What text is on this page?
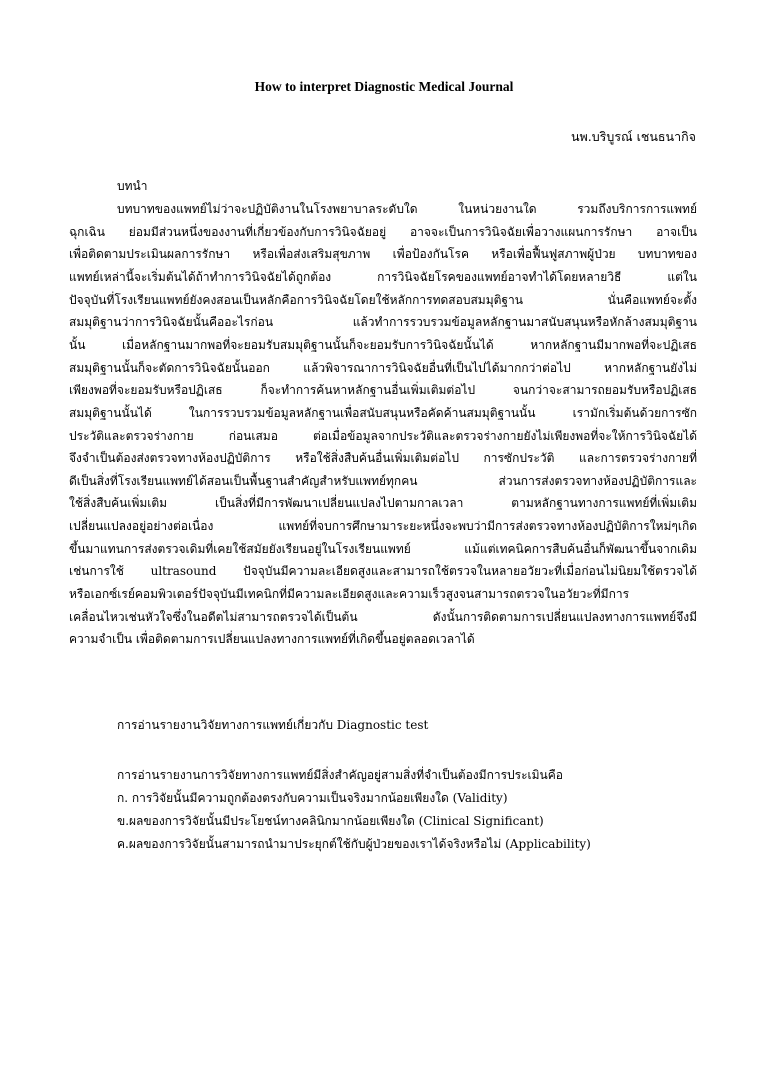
How to interpret Diagnostic Medical Journal
นพ.บริบูรณ์ เชนธนากิจ
บทนำ
บทบาทของแพทย์ไม่ว่าจะปฏิบัติงานในโรงพยาบาลระดับใด ในหน่วยงานใด รวมถึงบริการการแพทย์
ฉุกเฉิน ย่อมมีส่วนหนึ่งของงานที่เกี่ยวข้องกับการวินิจฉัยอยู่ อาจจะเป็นการวินิจฉัยเพื่อวางแผนการรักษา อาจเป็น
เพื่อติดตามประเมินผลการรักษา หรือเพื่อส่งเสริมสุขภาพ เพื่อป้องกันโรค หรือเพื่อฟื้นฟูสภาพผู้ป่วย บทบาทของ
แพทย์เหล่านี้จะเริ่มต้นได้ถ้าทำการวินิจฉัยได้ถูกต้อง การวินิจฉัยโรคของแพทย์อาจทำได้โดยหลายวิธี แต่ใน
ปัจจุบันที่โรงเรียนแพทย์ยังคงสอนเป็นหลักคือการวินิจฉัยโดยใช้หลักการทดสอบสมมุติฐาน นั่นคือแพทย์จะตั้ง
สมมุติฐานว่าการวินิจฉัยนั้นคืออะไรก่อน แล้วทำการรวบรวมข้อมูลหลักฐานมาสนับสนุนหรือหักล้างสมมุติฐาน
นั้น เมื่อหลักฐานมากพอที่จะยอมรับสมมุติฐานนั้นก็จะยอมรับการวินิจฉัยนั้นได้ หากหลักฐานมีมากพอที่จะปฏิเสธ
สมมุติฐานนั้นก็จะตัดการวินิจฉัยนั้นออก แล้วพิจารณาการวินิจฉัยอื่นที่เป็นไปได้มากกว่าต่อไป หากหลักฐานยังไม่
เพียงพอที่จะยอมรับหรือปฏิเสธ ก็จะทำการค้นหาหลักฐานอื่นเพิ่มเติมต่อไป จนกว่าจะสามารถยอมรับหรือปฏิเสธ
สมมุติฐานนั้นได้ ในการรวบรวมข้อมูลหลักฐานเพื่อสนับสนุนหรือคัดค้านสมมุติฐานนั้น เรามักเริ่มต้นด้วยการซัก
ประวัติและตรวจร่างกาย ก่อนเสมอ ต่อเมื่อข้อมูลจากประวัติและตรวจร่างกายยังไม่เพียงพอที่จะให้การวินิจฉัยได้
จึงจำเป็นต้องส่งตรวจทางห้องปฏิบัติการ หรือใช้สิ่งสืบค้นอื่นเพิ่มเติมต่อไป การซักประวัติ และการตรวจร่างกายที่
ดีเป็นสิ่งที่โรงเรียนแพทย์ได้สอนเป็นพื้นฐานสำคัญสำหรับแพทย์ทุกคน ส่วนการส่งตรวจทางห้องปฏิบัติการและ
ใช้สิ่งสืบค้นเพิ่มเติม เป็นสิ่งที่มีการพัฒนาเปลี่ยนแปลงไปตามกาลเวลา ตามหลักฐานทางการแพทย์ที่เพิ่มเติม
เปลี่ยนแปลงอยู่อย่างต่อเนื่อง แพทย์ที่จบการศึกษามาระยะหนึ่งจะพบว่ามีการส่งตรวจทางห้องปฏิบัติการใหม่ๆเกิด
ขึ้นมาแทนการส่งตรวจเดิมที่เคยใช้สมัยยังเรียนอยู่ในโรงเรียนแพทย์ แม้แต่เทคนิคการสืบค้นอื่นก็พัฒนาขึ้นจากเดิม
เช่นการใช้ ultrasound ปัจจุบันมีความละเอียดสูงและสามารถใช้ตรวจในหลายอวัยวะที่เมื่อก่อนไม่นิยมใช้ตรวจได้
หรือเอกซ์เรย์คอมพิวเตอร์ปัจจุบันมีเทคนิกที่มีความละเอียดสูงและความเร็วสูงจนสามารถตรวจในอวัยวะที่มีการ
เคลื่อนไหวเช่นหัวใจซึ่งในอดีตไม่สามารถตรวจได้เป็นต้น ดังนั้นการติดตามการเปลี่ยนแปลงทางการแพทย์จึงมี
ความจำเป็น เพื่อติดตามการเปลี่ยนแปลงทางการแพทย์ที่เกิดขึ้นอยู่ตลอดเวลาได้
การอ่านรายงานวิจัยทางการแพทย์เกี่ยวกับ Diagnostic test
การอ่านรายงานการวิจัยทางการแพทย์มีสิ่งสำคัญอยู่สามสิ่งที่จำเป็นต้องมีการประเมินคือ
ก. การวิจัยนั้นมีความถูกต้องตรงกับความเป็นจริงมากน้อยเพียงใด (Validity)
ข.ผลของการวิจัยนั้นมีประโยชน์ทางคลินิกมากน้อยเพียงใด (Clinical Significant)
ค.ผลของการวิจัยนั้นสามารถนำมาประยุกต์ใช้กับผู้ป่วยของเราได้จริงหรือไม่ (Applicability)
